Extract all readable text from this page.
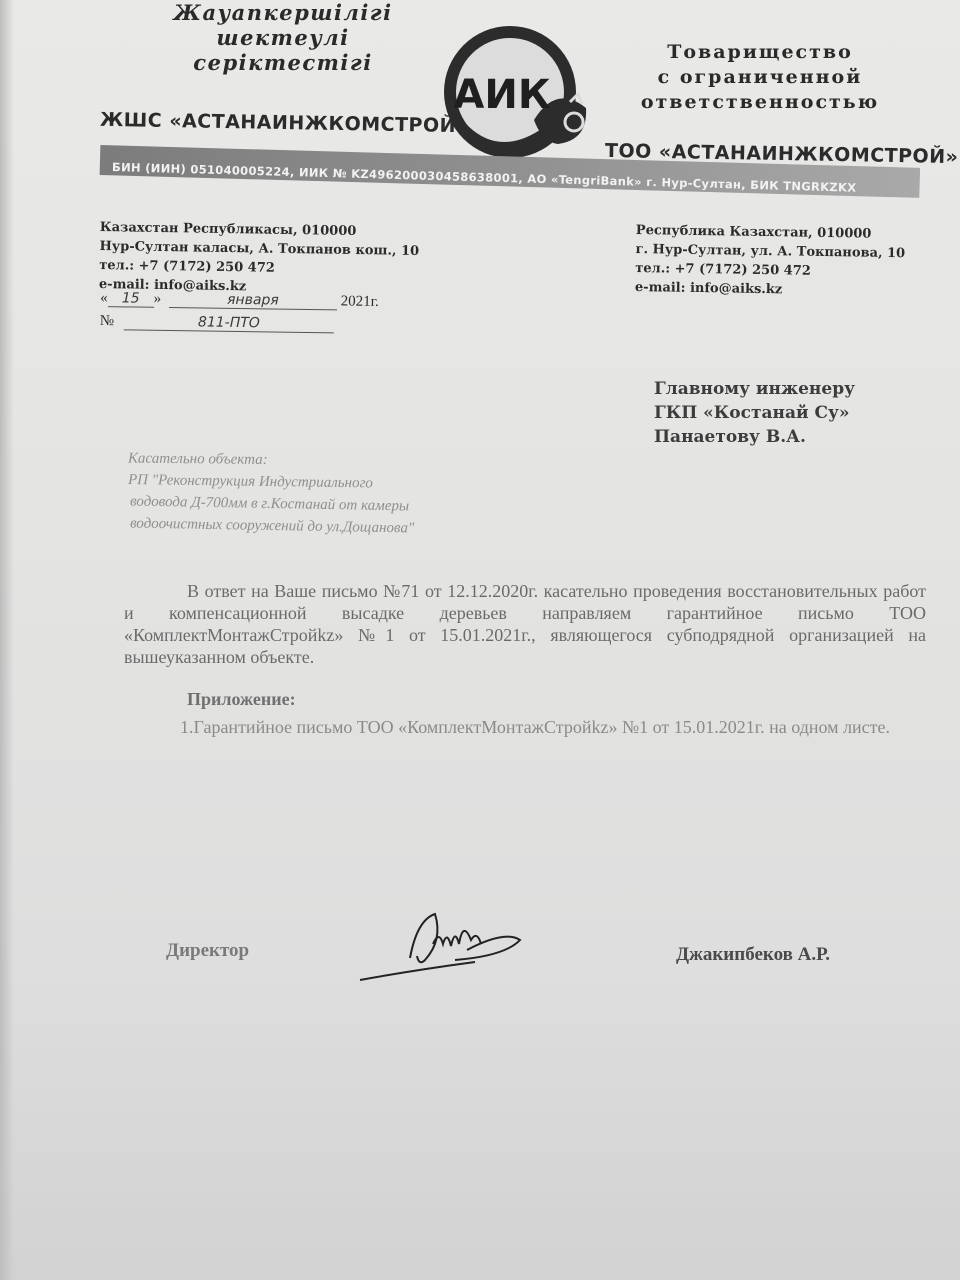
Жауапкершілігі
шектеулі
серіктестігі
АИК
Товарищество
с ограниченной
ответственностью
ЖШС «АСТАНАИНЖКОМСТРОЙ»
БИН (ИИН) 051040005224, ИИК № KZ496200030458638001, АО «TengriBank» г. Нур-Султан, БИК TNGRKZKX
ТОО «АСТАНАИНЖКОМСТРОЙ»
Казахстан Республикасы, 010000
Нур-Султан каласы, А. Токпанов кош., 10
тел.: +7 (7172) 250 472
e-mail: info@aiks.kz
Республика Казахстан, 010000
г. Нур-Султан, ул. А. Токпанова, 10
тел.: +7 (7172) 250 472
e-mail: info@aiks.kz
« 15 »	января	2021г.
№	811-ПТО
Главному инженеру
ГКП «Костанай Су»
Панаетову В.А.
Касательно объекта:
РП "Реконструкция Индустриального
водовода Д-700мм в г.Костанай от камеры
водоочистных сооружений до ул.Дощанова"
В ответ на Ваше письмо №71 от 12.12.2020г. касательно проведения восстановительных работ и компенсационной высадке деревьев направляем гарантийное письмо ТОО «КомплектМонтажСтройkz» №1 от 15.01.2021г., являющегося субподрядной организацией на вышеуказанном объекте.
Приложение:
1.Гарантийное письмо ТОО «КомплектМонтажСтройkz» №1 от 15.01.2021г. на одном листе.
Директор	Джакипбеков А.Р.
